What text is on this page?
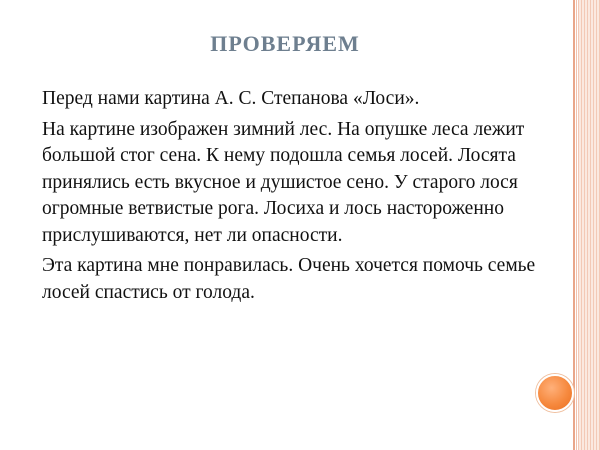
ПРОВЕРЯЕМ

Перед нами картина А. С. Степанова «Лоси».

На картине изображен зимний лес. На опушке леса лежит большой стог сена. К нему подошла семья лосей. Лосята принялись есть вкусное и душистое сено. У старого лося огромные ветвистые рога. Лосиха и лось настороженно прислушиваются, нет ли опасности.

Эта картина мне понравилась. Очень хочется помочь семье лосей спастись от голода.
